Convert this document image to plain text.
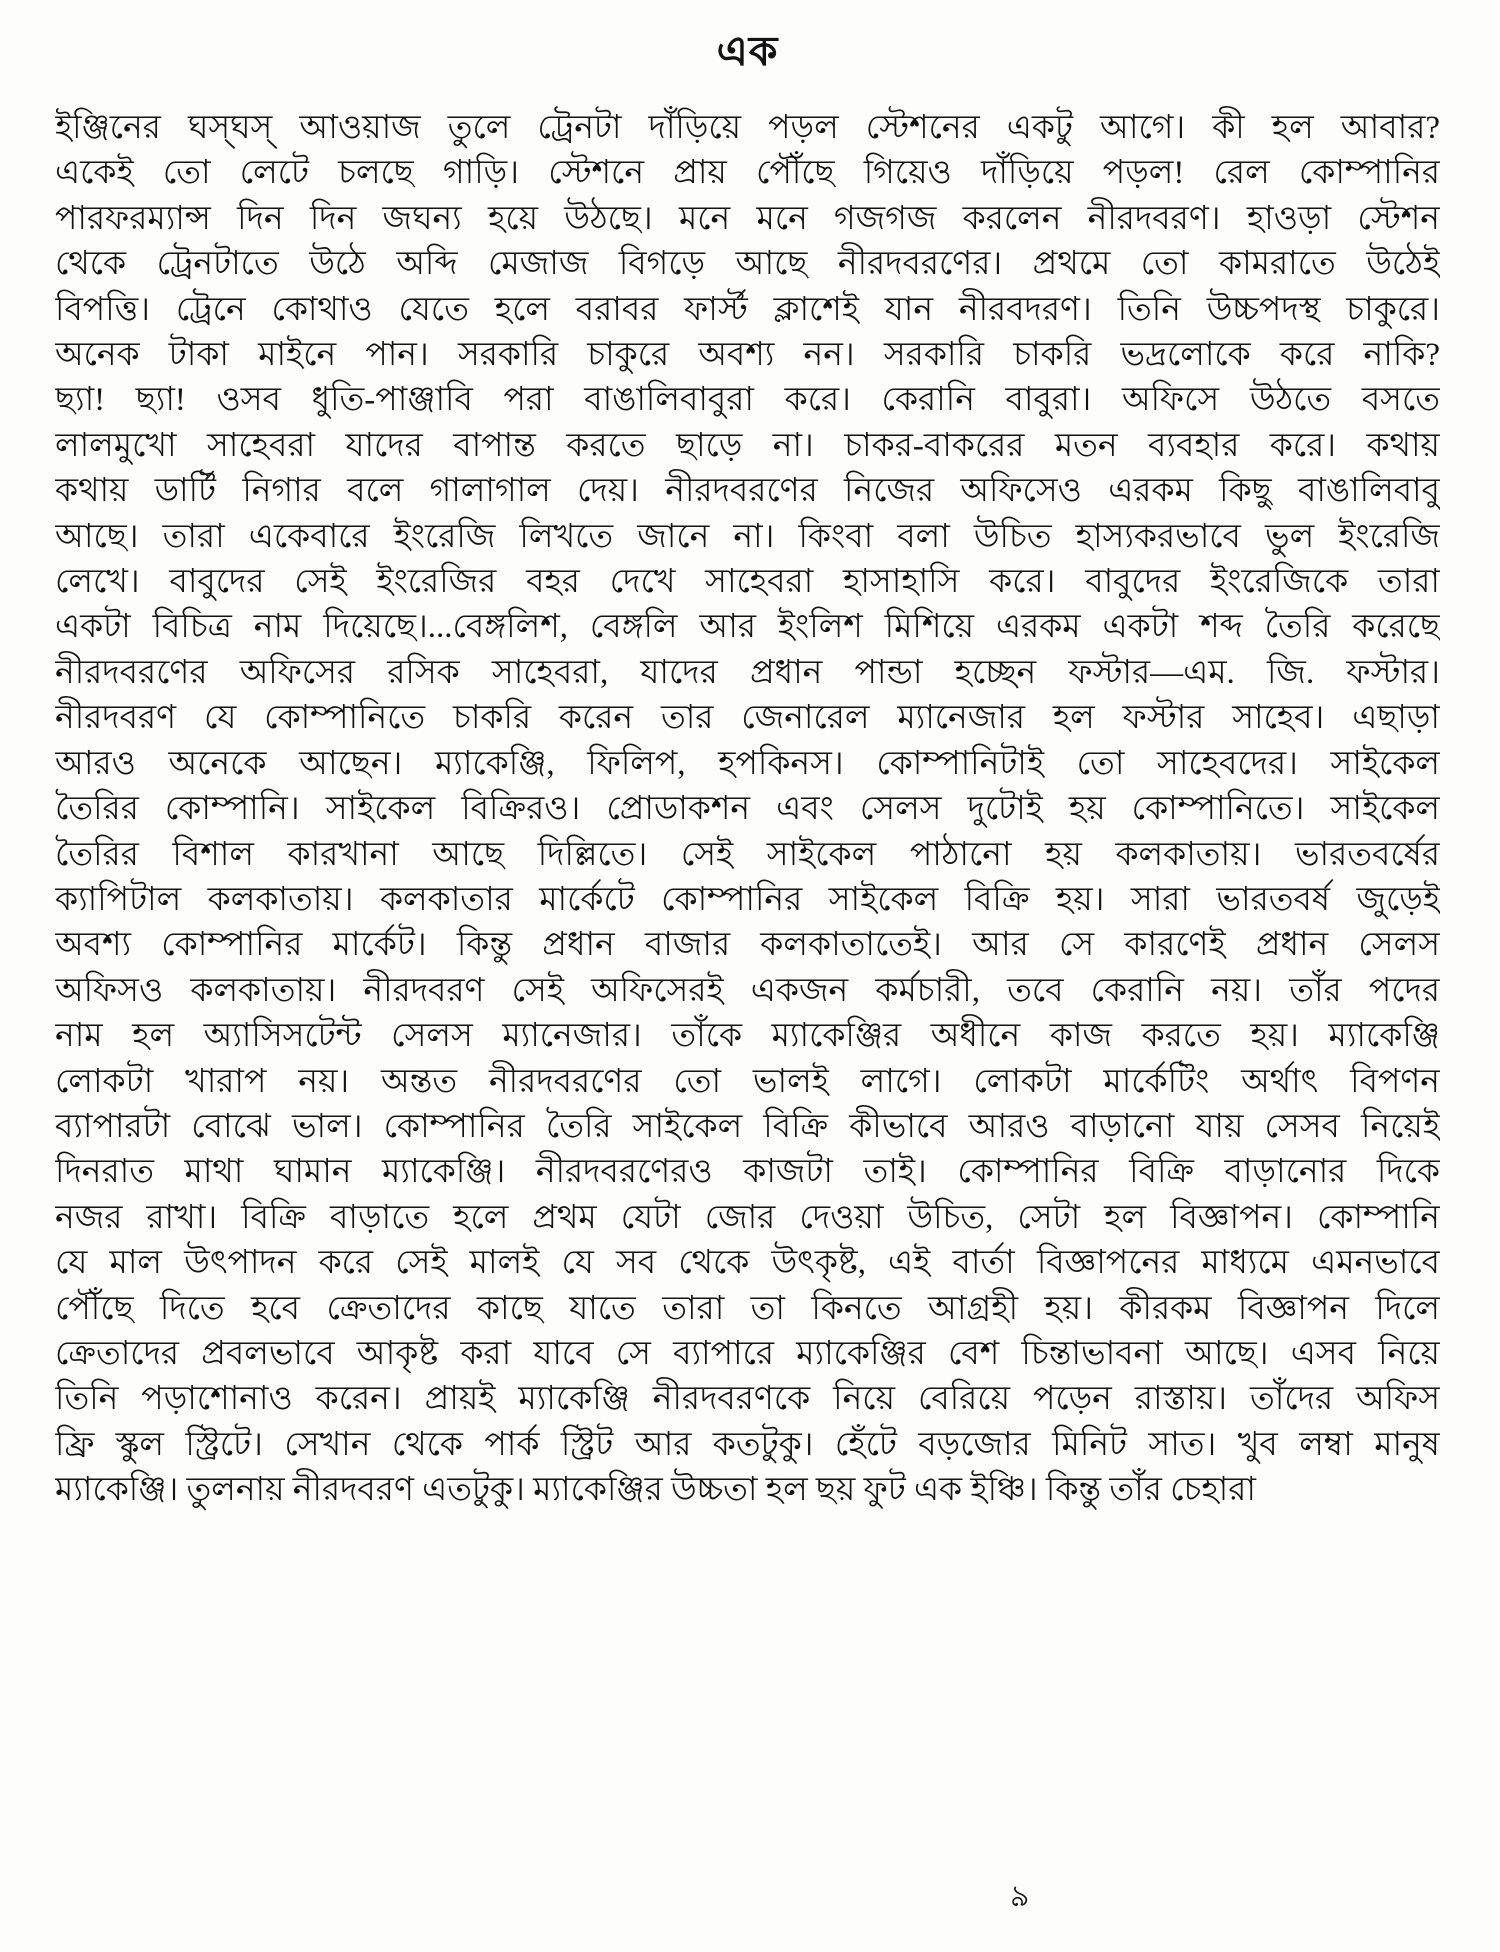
এক
ইঞ্জিনের ঘস্‌ঘস্‌ আওয়াজ তুলে ট্রেনটা দাঁড়িয়ে পড়ল স্টেশনের একটু আগে। কী হল আবার?
একেই তো লেটে চলছে গাড়ি। স্টেশনে প্রায় পৌঁছে গিয়েও দাঁড়িয়ে পড়ল! রেল কোম্পানির
পারফরম্যান্স দিন দিন জঘন্য হয়ে উঠছে। মনে মনে গজগজ করলেন নীরদবরণ। হাওড়া স্টেশন
থেকে ট্রেনটাতে উঠে অব্দি মেজাজ বিগড়ে আছে নীরদবরণের। প্রথমে তো কামরাতে উঠেই
বিপত্তি। ট্রেনে কোথাও যেতে হলে বরাবর ফার্স্ট ক্লাশেই যান নীরবদরণ। তিনি উচ্চপদস্থ চাকুরে।
অনেক টাকা মাইনে পান। সরকারি চাকুরে অবশ্য নন। সরকারি চাকরি ভদ্রলোকে করে নাকি?
ছ্যা! ছ্যা! ওসব ধুতি-পাঞ্জাবি পরা বাঙালিবাবুরা করে। কেরানি বাবুরা। অফিসে উঠতে বসতে
লালমুখো সাহেবরা যাদের বাপান্ত করতে ছাড়ে না। চাকর-বাকরের মতন ব্যবহার করে। কথায়
কথায় ডার্টি নিগার বলে গালাগাল দেয়। নীরদবরণের নিজের অফিসেও এরকম কিছু বাঙালিবাবু
আছে। তারা একেবারে ইংরেজি লিখতে জানে না। কিংবা বলা উচিত হাস্যকরভাবে ভুল ইংরেজি
লেখে। বাবুদের সেই ইংরেজির বহর দেখে সাহেবরা হাসাহাসি করে। বাবুদের ইংরেজিকে তারা
একটা বিচিত্র নাম দিয়েছে।...বেঙ্গলিশ, বেঙ্গলি আর ইংলিশ মিশিয়ে এরকম একটা শব্দ তৈরি করেছে
নীরদবরণের অফিসের রসিক সাহেবরা, যাদের প্রধান পান্ডা হচ্ছেন ফস্টার—এম. জি. ফস্টার।
নীরদবরণ যে কোম্পানিতে চাকরি করেন তার জেনারেল ম্যানেজার হল ফস্টার সাহেব। এছাড়া
আরও অনেকে আছেন। ম্যাকেঞ্জি, ফিলিপ, হপকিনস। কোম্পানিটাই তো সাহেবদের। সাইকেল
তৈরির কোম্পানি। সাইকেল বিক্রিরও। প্রোডাকশন এবং সেলস দুটোই হয় কোম্পানিতে। সাইকেল
তৈরির বিশাল কারখানা আছে দিল্লিতে। সেই সাইকেল পাঠানো হয় কলকাতায়। ভারতবর্ষের
ক্যাপিটাল কলকাতায়। কলকাতার মার্কেটে কোম্পানির সাইকেল বিক্রি হয়। সারা ভারতবর্ষ জুড়েই
অবশ্য কোম্পানির মার্কেট। কিন্তু প্রধান বাজার কলকাতাতেই। আর সে কারণেই প্রধান সেলস
অফিসও কলকাতায়। নীরদবরণ সেই অফিসেরই একজন কর্মচারী, তবে কেরানি নয়। তাঁর পদের
নাম হল অ্যাসিসটেন্ট সেলস ম্যানেজার। তাঁকে ম্যাকেঞ্জির অধীনে কাজ করতে হয়। ম্যাকেঞ্জি
লোকটা খারাপ নয়। অন্তত নীরদবরণের তো ভালই লাগে। লোকটা মার্কেটিং অর্থাৎ বিপণন
ব্যাপারটা বোঝে ভাল। কোম্পানির তৈরি সাইকেল বিক্রি কীভাবে আরও বাড়ানো যায় সেসব নিয়েই
দিনরাত মাথা ঘামান ম্যাকেঞ্জি। নীরদবরণেরও কাজটা তাই। কোম্পানির বিক্রি বাড়ানোর দিকে
নজর রাখা। বিক্রি বাড়াতে হলে প্রথম যেটা জোর দেওয়া উচিত, সেটা হল বিজ্ঞাপন। কোম্পানি
যে মাল উৎপাদন করে সেই মালই যে সব থেকে উৎকৃষ্ট, এই বার্তা বিজ্ঞাপনের মাধ্যমে এমনভাবে
পৌঁছে দিতে হবে ক্রেতাদের কাছে যাতে তারা তা কিনতে আগ্রহী হয়। কীরকম বিজ্ঞাপন দিলে
ক্রেতাদের প্রবলভাবে আকৃষ্ট করা যাবে সে ব্যাপারে ম্যাকেঞ্জির বেশ চিন্তাভাবনা আছে। এসব নিয়ে
তিনি পড়াশোনাও করেন। প্রায়ই ম্যাকেঞ্জি নীরদবরণকে নিয়ে বেরিয়ে পড়েন রাস্তায়। তাঁদের অফিস
ফ্রি স্কুল স্ট্রিটে। সেখান থেকে পার্ক স্ট্রিট আর কতটুকু। হেঁটে বড়জোর মিনিট সাত। খুব লম্বা মানুষ
ম্যাকেঞ্জি। তুলনায় নীরদবরণ এতটুকু। ম্যাকেঞ্জির উচ্চতা হল ছয় ফুট এক ইঞ্চি। কিন্তু তাঁর চেহারা
৯
